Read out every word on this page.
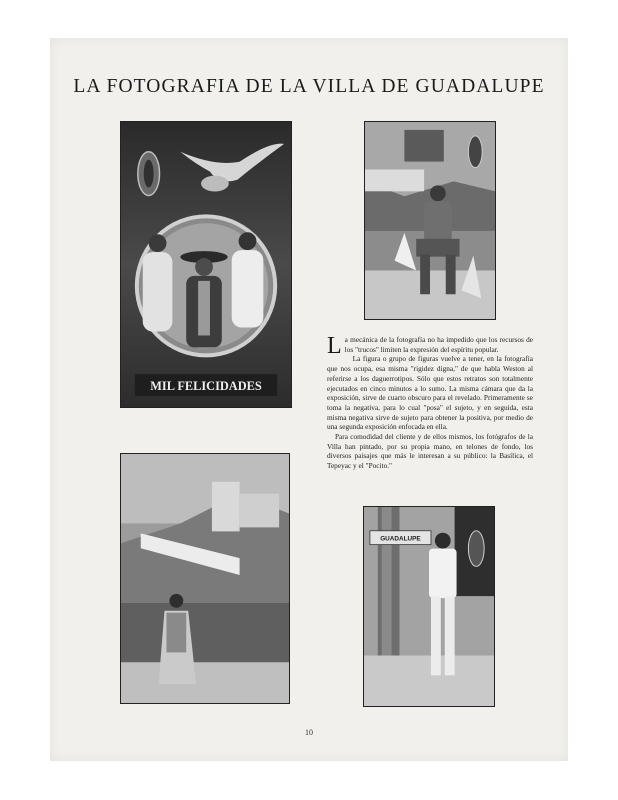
LA FOTOGRAFIA DE LA VILLA DE GUADALUPE
MIL FELICIDADES

La mecánica de la fotografía no ha impedido que los recursos de los "trucos" limiten la expresión del espíritu popular.

La figura o grupo de figuras vuelve a tener, en la fotografía que nos ocupa, esa misma "rigidez digna," de que habla Weston al referirse a los daguerrotipos. Sólo que estos retratos son totalmente ejecutados en cinco minutos a lo sumo. La misma cámara que da la exposición, sirve de cuarto obscuro para el revelado. Primeramente se toma la negativa, para lo cual "posa" el sujeto, y en seguida, esta misma negativa sirve de sujeto para obtener la positiva, por medio de una segunda exposición enfocada en ella.

Para comodidad del cliente y de ellos mismos, los fotógrafos de la Villa han pintado, por su propia mano, en telones de fondo, los diversos paisajes que más le interesan a su público: la Basílica, el Tepeyac y el "Pocito."

GUADALUPE
10
